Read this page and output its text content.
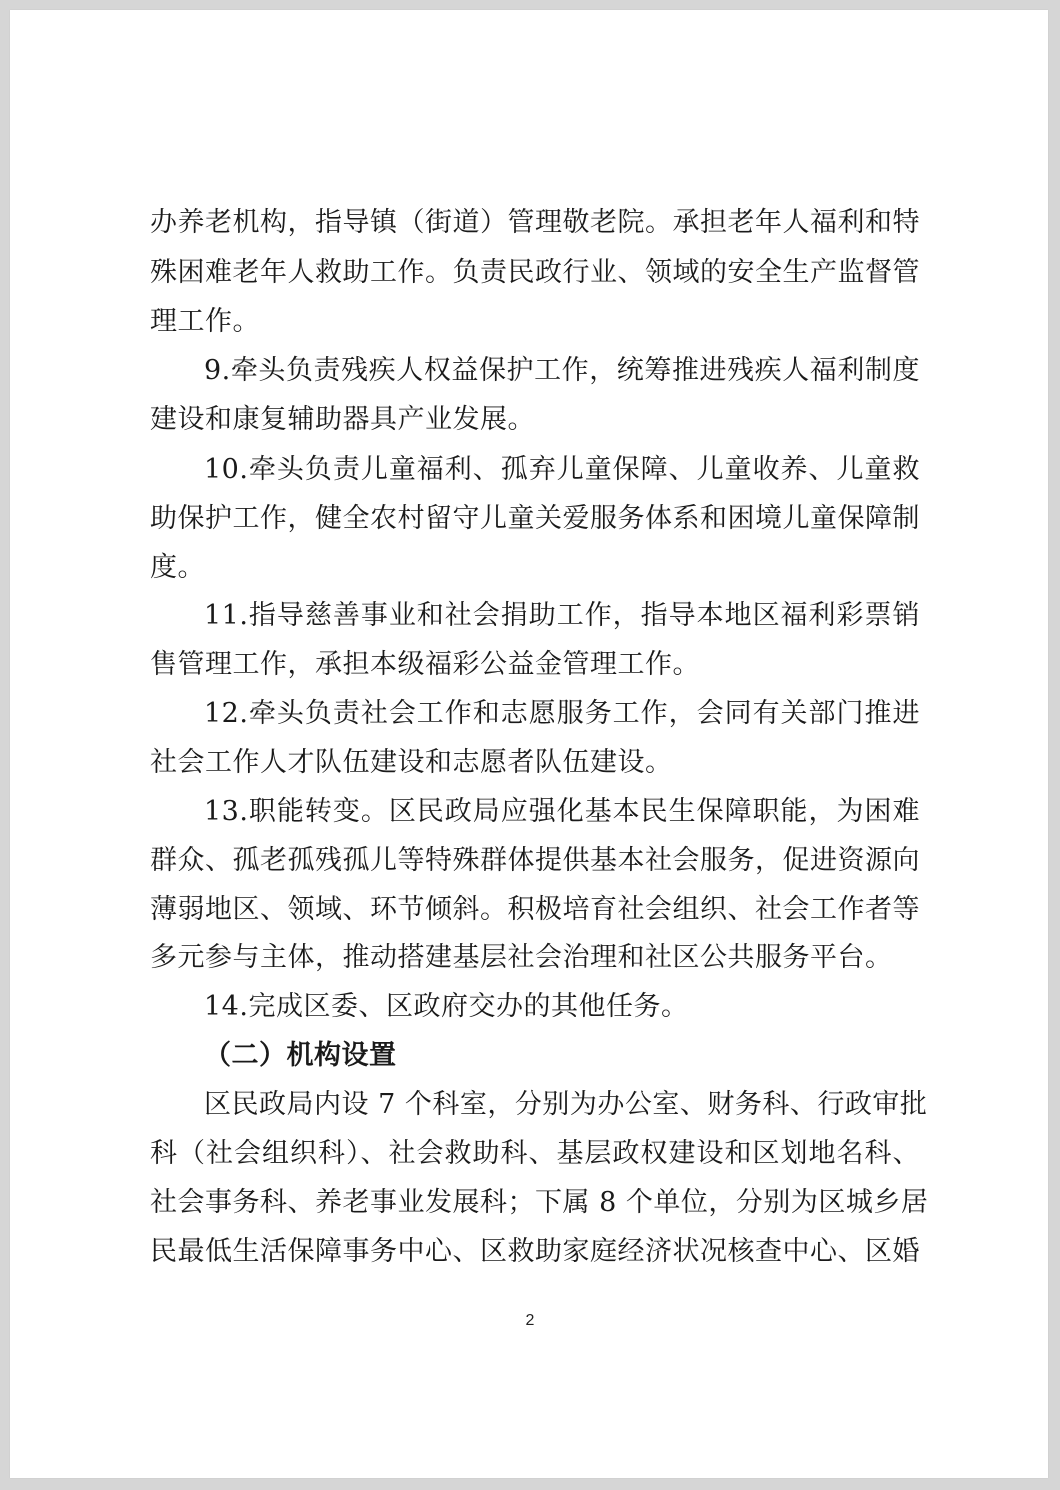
办养老机构，指导镇（街道）管理敬老院。承担老年人福利和特
殊困难老年人救助工作。负责民政行业、领域的安全生产监督管
理工作。
9.牵头负责残疾人权益保护工作，统筹推进残疾人福利制度
建设和康复辅助器具产业发展。
10.牵头负责儿童福利、孤弃儿童保障、儿童收养、儿童救
助保护工作，健全农村留守儿童关爱服务体系和困境儿童保障制
度。
11.指导慈善事业和社会捐助工作，指导本地区福利彩票销
售管理工作，承担本级福彩公益金管理工作。
12.牵头负责社会工作和志愿服务工作，会同有关部门推进
社会工作人才队伍建设和志愿者队伍建设。
13.职能转变。区民政局应强化基本民生保障职能，为困难
群众、孤老孤残孤儿等特殊群体提供基本社会服务，促进资源向
薄弱地区、领域、环节倾斜。积极培育社会组织、社会工作者等
多元参与主体，推动搭建基层社会治理和社区公共服务平台。
14.完成区委、区政府交办的其他任务。
（二）机构设置
区民政局内设 7 个科室，分别为办公室、财务科、行政审批
科（社会组织科）、社会救助科、基层政权建设和区划地名科、
社会事务科、养老事业发展科；下属 8 个单位，分别为区城乡居
民最低生活保障事务中心、区救助家庭经济状况核查中心、区婚
2
